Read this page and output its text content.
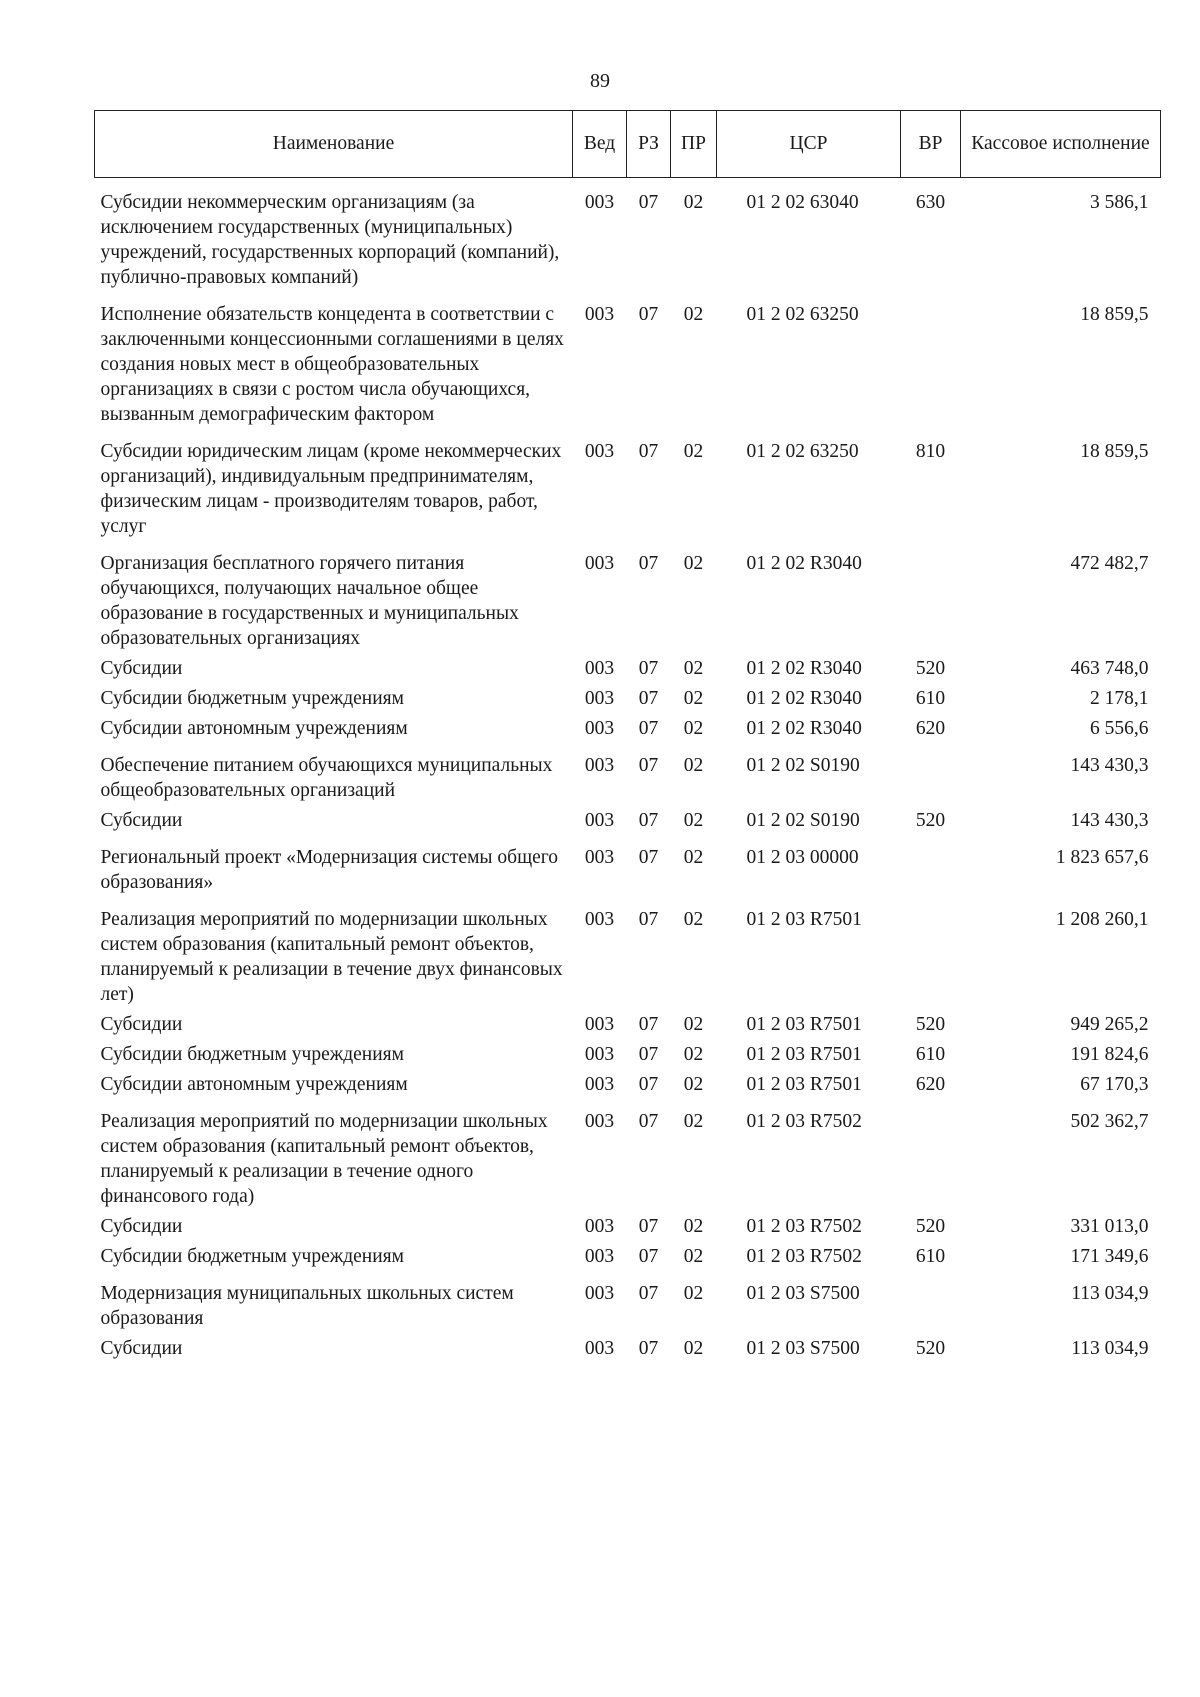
89
Наименование	Вед	РЗ	ПР	ЦСР	ВР	Кассовое исполнение
Субсидии некоммерческим организациям (за исключением государственных (муниципальных) учреждений, государственных корпораций (компаний), публично-правовых компаний)	003	07	02	01 2 02 63040	630	3 586,1
Исполнение обязательств концедента в соответствии с заключенными концессионными соглашениями в целях создания новых мест в общеобразовательных организациях в связи с ростом числа обучающихся, вызванным демографическим фактором	003	07	02	01 2 02 63250		18 859,5
Субсидии юридическим лицам (кроме некоммерческих организаций), индивидуальным предпринимателям, физическим лицам - производителям товаров, работ, услуг	003	07	02	01 2 02 63250	810	18 859,5
Организация бесплатного горячего питания обучающихся, получающих начальное общее образование в государственных и муниципальных образовательных организациях	003	07	02	01 2 02 R3040		472 482,7
Субсидии	003	07	02	01 2 02 R3040	520	463 748,0
Субсидии бюджетным учреждениям	003	07	02	01 2 02 R3040	610	2 178,1
Субсидии автономным учреждениям	003	07	02	01 2 02 R3040	620	6 556,6
Обеспечение питанием обучающихся муниципальных общеобразовательных организаций	003	07	02	01 2 02 S0190		143 430,3
Субсидии	003	07	02	01 2 02 S0190	520	143 430,3
Региональный проект «Модернизация системы общего образования»	003	07	02	01 2 03 00000		1 823 657,6
Реализация мероприятий по модернизации школьных систем образования (капитальный ремонт объектов, планируемый к реализации в течение двух финансовых лет)	003	07	02	01 2 03 R7501		1 208 260,1
Субсидии	003	07	02	01 2 03 R7501	520	949 265,2
Субсидии бюджетным учреждениям	003	07	02	01 2 03 R7501	610	191 824,6
Субсидии автономным учреждениям	003	07	02	01 2 03 R7501	620	67 170,3
Реализация мероприятий по модернизации школьных систем образования (капитальный ремонт объектов, планируемый к реализации в течение одного финансового года)	003	07	02	01 2 03 R7502		502 362,7
Субсидии	003	07	02	01 2 03 R7502	520	331 013,0
Субсидии бюджетным учреждениям	003	07	02	01 2 03 R7502	610	171 349,6
Модернизация муниципальных школьных систем образования	003	07	02	01 2 03 S7500		113 034,9
Субсидии	003	07	02	01 2 03 S7500	520	113 034,9
